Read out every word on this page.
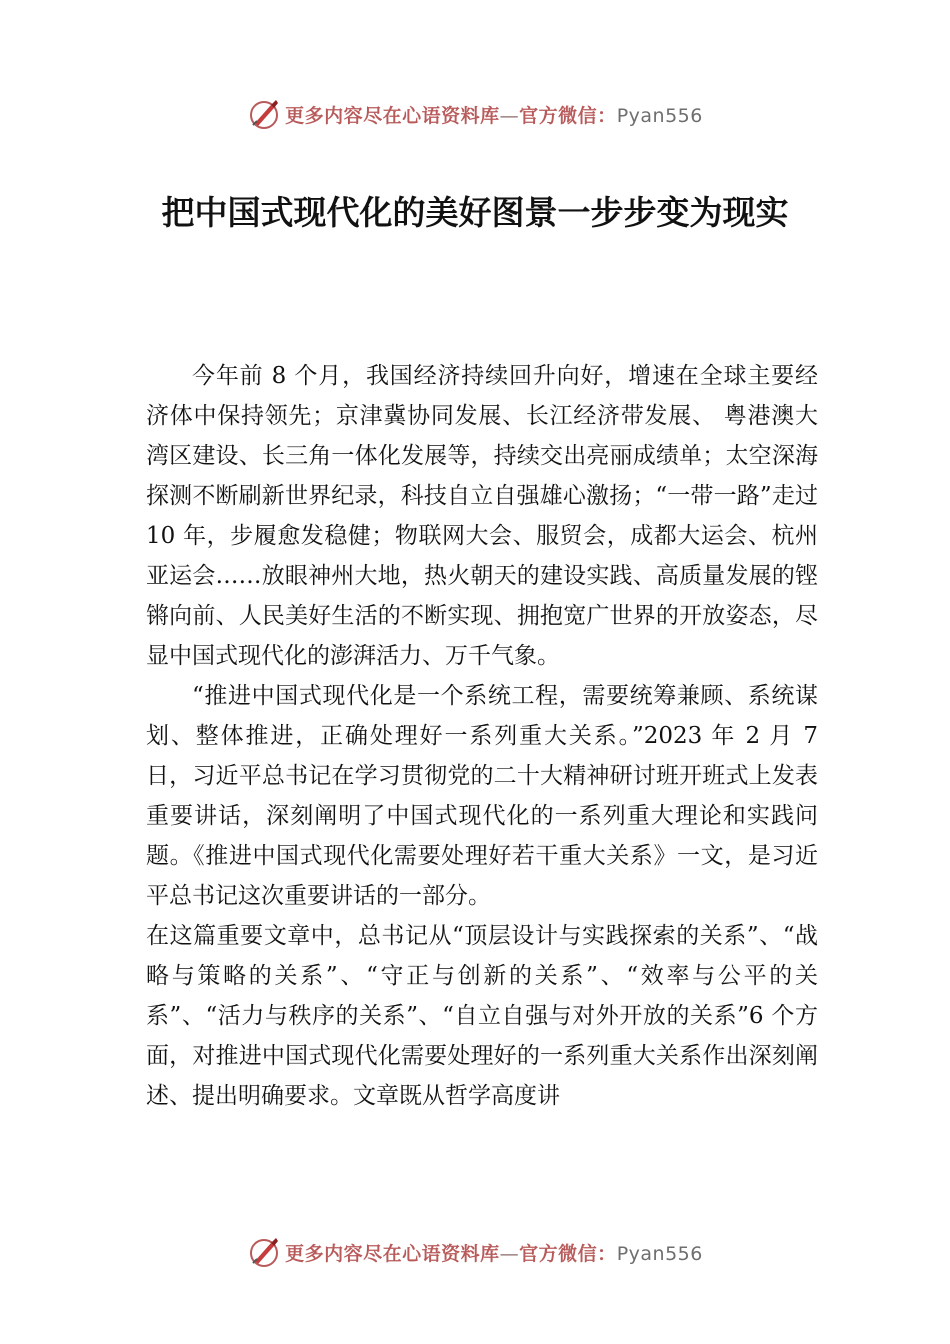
更多内容尽在心语资料库—官方微信：Pyan556
把中国式现代化的美好图景一步步变为现实

今年前 8 个月，我国经济持续回升向好，增速在全球主要经济体中保持领先；京津冀协同发展、长江经济带发展、 粤港澳大湾区建设、长三角一体化发展等，持续交出亮丽成绩单；太空深海探测不断刷新世界纪录，科技自立自强雄心激扬；“一带一路”走过 10 年，步履愈发稳健；物联网大会、服贸会，成都大运会、杭州亚运会……放眼神州大地，热火朝天的建设实践、高质量发展的铿锵向前、人民美好生活的不断实现、拥抱宽广世界的开放姿态，尽显中国式现代化的澎湃活力、万千气象。

“推进中国式现代化是一个系统工程，需要统筹兼顾、系统谋划、整体推进，正确处理好一系列重大关系。”2023 年 2 月 7 日，习近平总书记在学习贯彻党的二十大精神研讨班开班式上发表重要讲话，深刻阐明了中国式现代化的一系列重大理论和实践问题。《推进中国式现代化需要处理好若干重大关系》一文，是习近平总书记这次重要讲话的一部分。

在这篇重要文章中，总书记从“顶层设计与实践探索的关系”、“战略与策略的关系”、“守正与创新的关系”、“效率与公平的关系”、“活力与秩序的关系”、“自立自强与对外开放的关系”6 个方面，对推进中国式现代化需要处理好的一系列重大关系作出深刻阐述、提出明确要求。文章既从哲学高度讲

更多内容尽在心语资料库—官方微信：Pyan556
